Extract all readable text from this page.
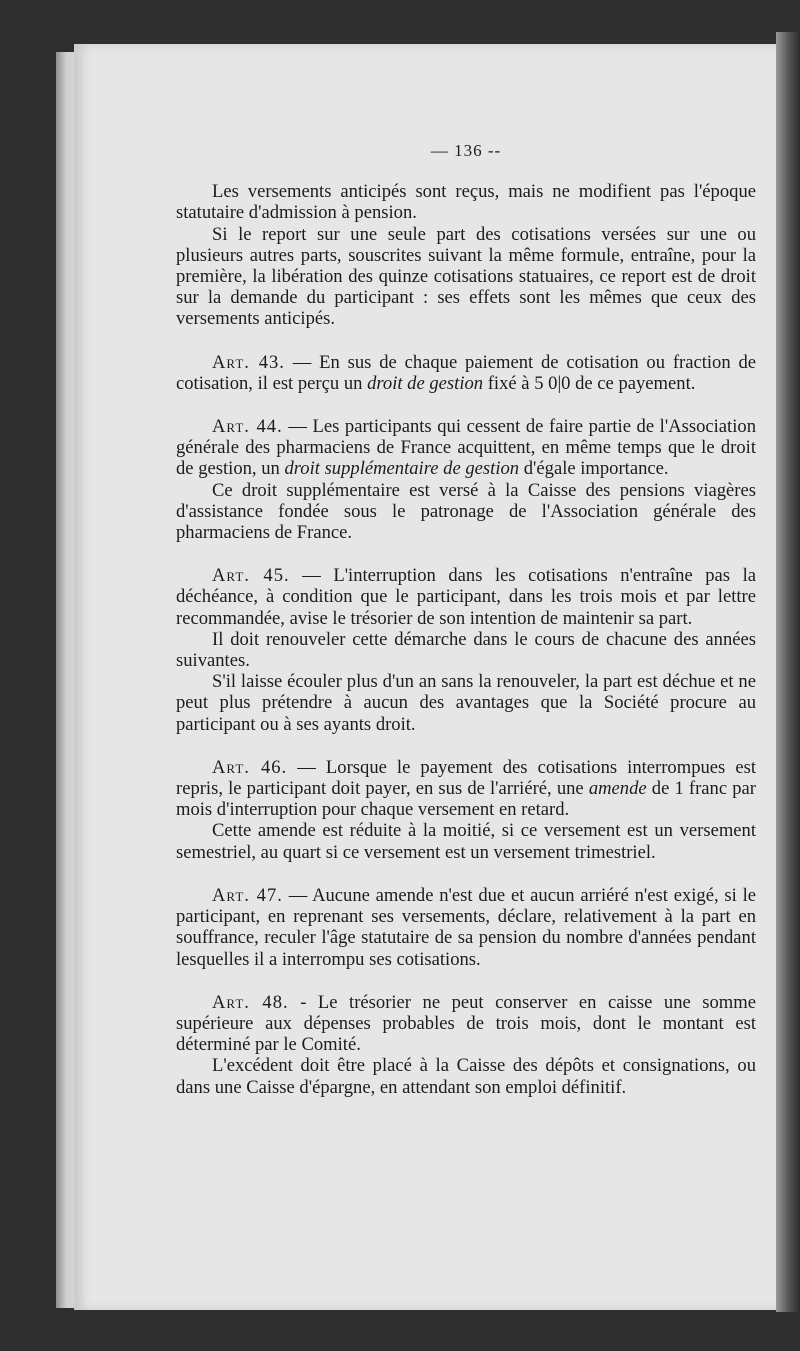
— 136 --

Les versements anticipés sont reçus, mais ne modifient pas l'époque statutaire d'admission à pension.

Si le report sur une seule part des cotisations versées sur une ou plusieurs autres parts, souscrites suivant la même formule, entraîne, pour la première, la libération des quinze cotisations statuaires, ce report est de droit sur la demande du participant : ses effets sont les mêmes que ceux des versements anticipés.

Art. 43. — En sus de chaque paiement de cotisation ou fraction de cotisation, il est perçu un droit de gestion fixé à 5 0|0 de ce payement.

Art. 44. — Les participants qui cessent de faire partie de l'Association générale des pharmaciens de France acquittent, en même temps que le droit de gestion, un droit supplémentaire de gestion d'égale importance.

Ce droit supplémentaire est versé à la Caisse des pensions viagères d'assistance fondée sous le patronage de l'Association générale des pharmaciens de France.

Art. 45. — L'interruption dans les cotisations n'entraîne pas la déchéance, à condition que le participant, dans les trois mois et par lettre recommandée, avise le trésorier de son intention de maintenir sa part.

Il doit renouveler cette démarche dans le cours de chacune des années suivantes.

S'il laisse écouler plus d'un an sans la renouveler, la part est déchue et ne peut plus prétendre à aucun des avantages que la Société procure au participant ou à ses ayants droit.

Art. 46. — Lorsque le payement des cotisations interrompues est repris, le participant doit payer, en sus de l'arriéré, une amende de 1 franc par mois d'interruption pour chaque versement en retard.

Cette amende est réduite à la moitié, si ce versement est un versement semestriel, au quart si ce versement est un versement trimestriel.

Art. 47. — Aucune amende n'est due et aucun arriéré n'est exigé, si le participant, en reprenant ses versements, déclare, relativement à la part en souffrance, reculer l'âge statutaire de sa pension du nombre d'années pendant lesquelles il a interrompu ses cotisations.

Art. 48. - Le trésorier ne peut conserver en caisse une somme supérieure aux dépenses probables de trois mois, dont le montant est déterminé par le Comité.

L'excédent doit être placé à la Caisse des dépôts et consignations, ou dans une Caisse d'épargne, en attendant son emploi définitif.
